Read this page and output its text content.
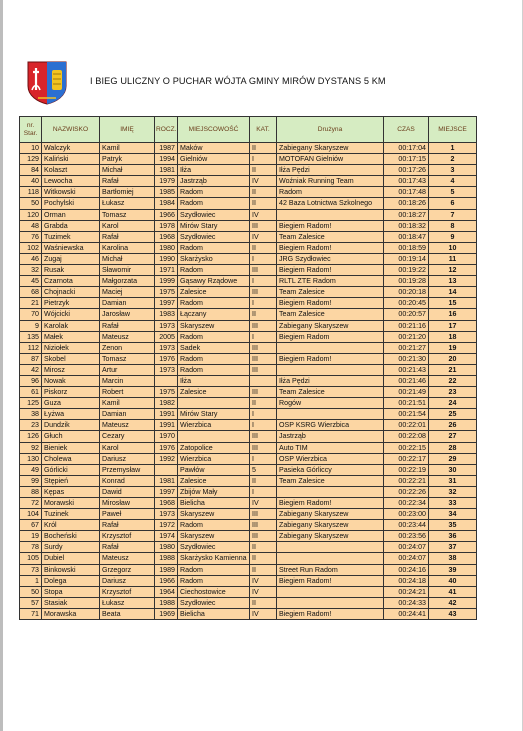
I BIEG ULICZNY O PUCHAR WÓJTA GMINY MIRÓW DYSTANS 5 KM
nr. Star.	NAZWISKO	IMIĘ	ROCZ.	MIEJSCOWOŚĆ	KAT.	Drużyna	CZAS	MIEJSCE
10	Walczyk	Kamil	1987	Maków	II	Zabiegany Skaryszew	00:17:04	1
129	Kaliński	Patryk	1994	Gielniów	I	MOTOFAN Gielniów	00:17:15	2
84	Kolaszt	Michał	1981	Iłża	II	Iłża Pędzi	00:17:26	3
40	Lewocha	Rafał	1979	Jastrząb	IV	Woźniak Running Team	00:17:43	4
118	Witkowski	Bartłomiej	1985	Radom	II	Radom	00:17:48	5
50	Pochylski	Łukasz	1984	Radom	II	42 Baza Lotnictwa Szkolnego	00:18:26	6
120	Orman	Tomasz	1966	Szydłowiec	IV		00:18:27	7
48	Grabda	Karol	1978	Mirów Stary	III	Biegiem Radom!	00:18:32	8
76	Tuzimek	Rafał	1968	Szydłowiec	IV	Team Zalesice	00:18:47	9
102	Waśniewska	Karolina	1980	Radom	II	Biegiem Radom!	00:18:59	10
46	Zugaj	Michał	1990	Skarżysko	I	JRG Szydłowiec	00:19:14	11
32	Rusak	Sławomir	1971	Radom	III	Biegiem Radom!	00:19:22	12
45	Czarnota	Małgorzata	1999	Gąsawy Rządowe	I	RLTL ZTE Radom	00:19:28	13
68	Chojnacki	Maciej	1975	Zalesice	III	Team Zalesice	00:20:18	14
21	Pietrzyk	Damian	1997	Radom	I	Biegiem Radom!	00:20:45	15
70	Wójcicki	Jarosław	1983	Łączany	II	Team Zalesice	00:20:57	16
9	Karolak	Rafał	1973	Skaryszew	III	Zabiegany Skaryszew	00:21:16	17
135	Małek	Mateusz	2005	Radom	I	Biegiem Radom	00:21:20	18
112	Niziołek	Zenon	1973	Sadek	III		00:21:27	19
87	Skobel	Tomasz	1976	Radom	III	Biegiem Radom!	00:21:30	20
42	Mirosz	Artur	1973	Radom	III		00:21:43	21
96	Nowak	Marcin		Iłża		Iłża Pędzi	00:21:46	22
61	Piskorz	Robert	1975	Zalesice	III	Team Zalesice	00:21:49	23
125	Guza	Kamil	1982		II	Rogów	00:21:51	24
38	Łyżwa	Damian	1991	Mirów Stary	I		00:21:54	25
23	Dundzik	Mateusz	1991	Wierzbica	I	OSP KSRG Wierzbica	00:22:01	26
126	Głuch	Cezary	1970		III	Jastrząb	00:22:08	27
92	Bieniek	Karol	1976	Zatopolice	III	Auto TIM	00:22:15	28
130	Cholewa	Dariusz	1992	Wierzbica	I	OSP Wierzbica	00:22:17	29
49	Górlicki	Przemysław		Pawłów	5	Pasieka Górliccy	00:22:19	30
99	Stępień	Konrad	1981	Zalesice	II	Team Zalesice	00:22:21	31
88	Kępas	Dawid	1997	Zbijów Mały	I		00:22:26	32
72	Morawski	Mirosław	1968	Bielicha	IV	Biegiem Radom!	00:22:34	33
104	Tuzinek	Paweł	1973	Skaryszew	III	Zabiegany Skaryszew	00:23:00	34
67	Król	Rafał	1972	Radom	III	Zabiegany Skaryszew	00:23:44	35
19	Bocheński	Krzysztof	1974	Skaryszew	III	Zabiegany Skaryszew	00:23:56	36
78	Surdy	Rafał	1980	Szydłowiec	II		00:24:07	37
105	Dubiel	Mateusz	1988	Skarżysko Kamienna	II		00:24:07	38
73	Binkowski	Grzegorz	1989	Radom	II	Street Run Radom	00:24:16	39
1	Dolega	Dariusz	1966	Radom	IV	Biegiem Radom!	00:24:18	40
50	Stopa	Krzysztof	1964	Ciechostowice	IV		00:24:21	41
57	Stasiak	Łukasz	1988	Szydłowiec	II		00:24:33	42
71	Morawska	Beata	1969	Bielicha	IV	Biegiem Radom!	00:24:41	43
